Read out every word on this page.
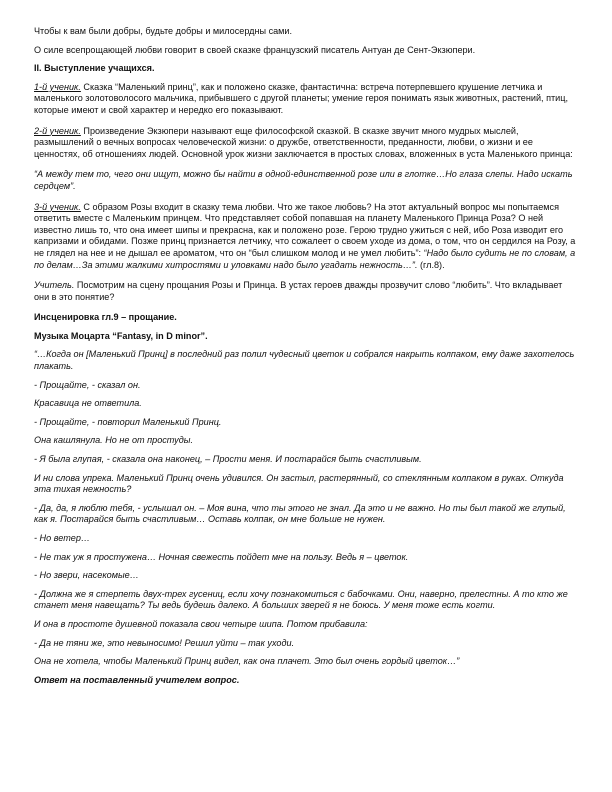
Чтобы к вам были добры, будьте добры и милосердны сами.

О силе всепрощающей любви говорит в своей сказке французский писатель Антуан де Сент-Экзюпери.

II. Выступление учащихся.

1-й ученик. Сказка “Маленький принц”, как и положено сказке, фантастична: встреча потерпевшего крушение летчика и маленького золотоволосого мальчика, прибывшего с другой планеты; умение героя понимать язык животных, растений, птиц, которые имеют и свой характер и нередко его показывают.

2-й ученик. Произведение Экзюпери называют еще философской сказкой. В сказке звучит много мудрых мыслей, размышлений о вечных вопросах человеческой жизни: о дружбе, ответственности, преданности, любви, о жизни и ее ценностях, об отношениях людей. Основной урок жизни заключается в простых словах, вложенных в уста Маленького принца:

“А между тем то, чего они ищут, можно бы найти в одной-единственной розе или в глотке…Но глаза слепы. Надо искать сердцем”.

3-й ученик. С образом Розы входит в сказку тема любви. Что же такое любовь? На этот актуальный вопрос мы попытаемся ответить вместе с Маленьким принцем. Что представляет собой попавшая на планету Маленького Принца Роза? О ней известно лишь то, что она имеет шипы и прекрасна, как и положено розе. Герою трудно ужиться с ней, ибо Роза изводит его капризами и обидами. Позже принц признается летчику, что сожалеет о своем уходе из дома, о том, что он сердился на Розу, а не глядел на нее и не дышал ее ароматом, что он “был слишком молод и не умел любить”: “Надо было судить не по словам, а по делам…За этими жалкими хитростями и уловками надо было угадать нежность…”. (гл.8).

Учитель. Посмотрим на сцену прощания Розы и Принца. В устах героев дважды прозвучит слово “любить”. Что вкладывает они в это понятие?

Инсценировка гл.9 – прощание.

Музыка Моцарта “Fantasy, in D minor”.

“…Когда он [Маленький Принц] в последний раз полил чудесный цветок и собрался накрыть колпаком, ему даже захотелось плакать.

- Прощайте, - сказал он.

Красавица не ответила.

- Прощайте, - повторил Маленький Принц.

Она кашлянула. Но не от простуды.

- Я была глупая, - сказала она наконец, – Прости меня. И постарайся быть счастливым.

И ни слова упрека. Маленький Принц очень удивился. Он застыл, растерянный, со стеклянным колпаком в руках. Откуда эта тихая нежность?

- Да, да, я люблю тебя, - услышал он. – Моя вина, что ты этого не знал. Да это и не важно. Но ты был такой же глупый, как я. Постарайся быть счастливым… Оставь колпак, он мне больше не нужен.

- Но ветер…

- Не так уж я простужена… Ночная свежесть пойдет мне на пользу. Ведь я – цветок.

- Но звери, насекомые…

- Должна же я стерпеть двух-трех гусениц, если хочу познакомиться с бабочками. Они, наверно, прелестны. А то кто же станет меня навещать? Ты ведь будешь далеко. А больших зверей я не боюсь. У меня тоже есть когти.

И она в простоте душевной показала свои четыре шипа. Потом прибавила:

- Да не тяни же, это невыносимо! Решил уйти – так уходи.

Она не хотела, чтобы Маленький Принц видел, как она плачет. Это был очень гордый цветок…”

Ответ на поставленный учителем вопрос.
